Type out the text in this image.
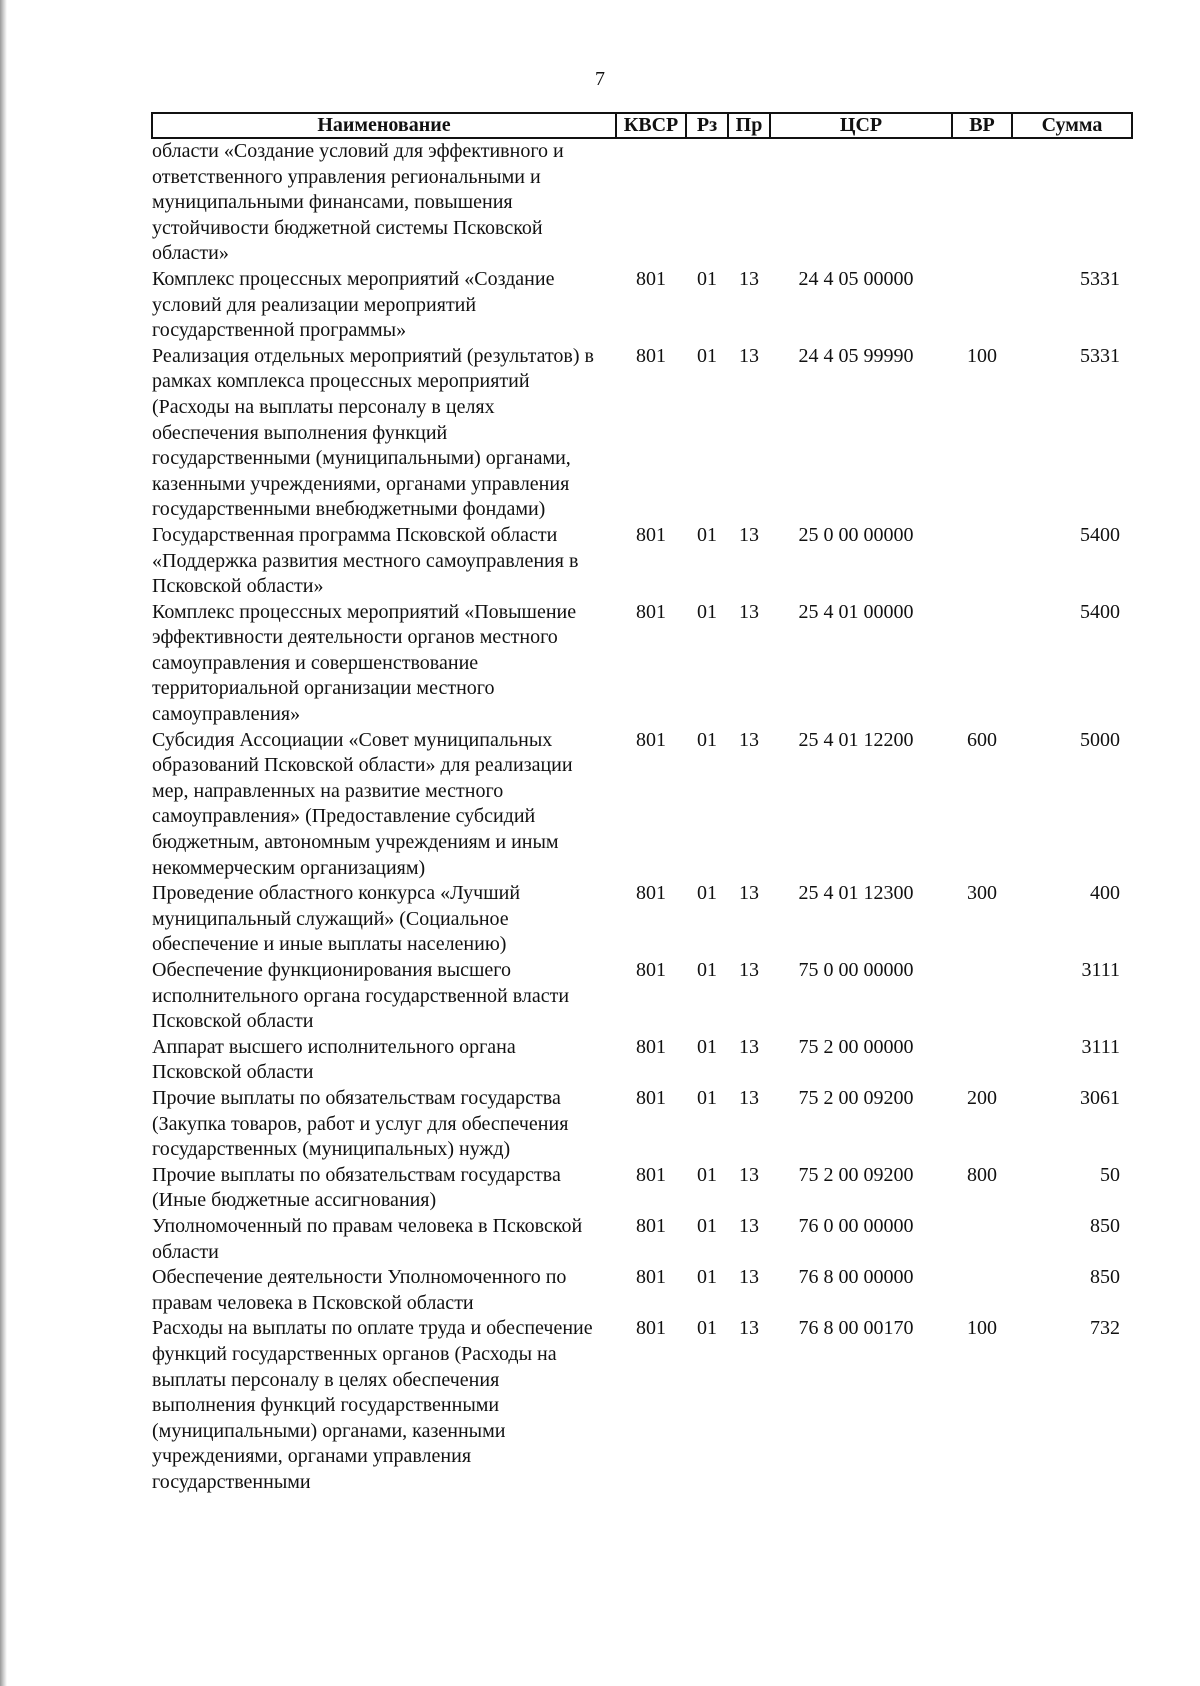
7
Наименование	КВСР	Рз	Пр	ЦСР	ВР	Сумма
области «Создание условий для эффективного и ответственного управления региональными и муниципальными финансами, повышения устойчивости бюджетной системы Псковской области»						
Комплекс процессных мероприятий «Создание условий для реализации мероприятий государственной программы»	801	01	13	24 4 05 00000		5331
Реализация отдельных мероприятий (результатов) в рамках комплекса процессных мероприятий (Расходы на выплаты персоналу в целях обеспечения выполнения функций государственными (муниципальными) органами, казенными учреждениями, органами управления государственными внебюджетными фондами)	801	01	13	24 4 05 99990	100	5331
Государственная программа Псковской области «Поддержка развития местного самоуправления в Псковской области»	801	01	13	25 0 00 00000		5400
Комплекс процессных мероприятий «Повышение эффективности деятельности органов местного самоуправления и совершенствование территориальной организации местного самоуправления»	801	01	13	25 4 01 00000		5400
Субсидия Ассоциации «Совет муниципальных образований Псковской области» для реализации мер, направленных на развитие местного самоуправления» (Предоставление субсидий бюджетным, автономным учреждениям и иным некоммерческим организациям)	801	01	13	25 4 01 12200	600	5000
Проведение областного конкурса «Лучший муниципальный служащий» (Социальное обеспечение и иные выплаты населению)	801	01	13	25 4 01 12300	300	400
Обеспечение функционирования высшего исполнительного органа государственной власти Псковской области	801	01	13	75 0 00 00000		3111
Аппарат высшего исполнительного органа Псковской области	801	01	13	75 2 00 00000		3111
Прочие выплаты по обязательствам государства (Закупка товаров, работ и услуг для обеспечения государственных (муниципальных) нужд)	801	01	13	75 2 00 09200	200	3061
Прочие выплаты по обязательствам государства (Иные бюджетные ассигнования)	801	01	13	75 2 00 09200	800	50
Уполномоченный по правам человека в Псковской области	801	01	13	76 0 00 00000		850
Обеспечение деятельности Уполномоченного по правам человека в Псковской области	801	01	13	76 8 00 00000		850
Расходы на выплаты по оплате труда и обеспечение функций государственных органов (Расходы на выплаты персоналу в целях обеспечения выполнения функций государственными (муниципальными) органами, казенными учреждениями, органами управления государственными	801	01	13	76 8 00 00170	100	732
